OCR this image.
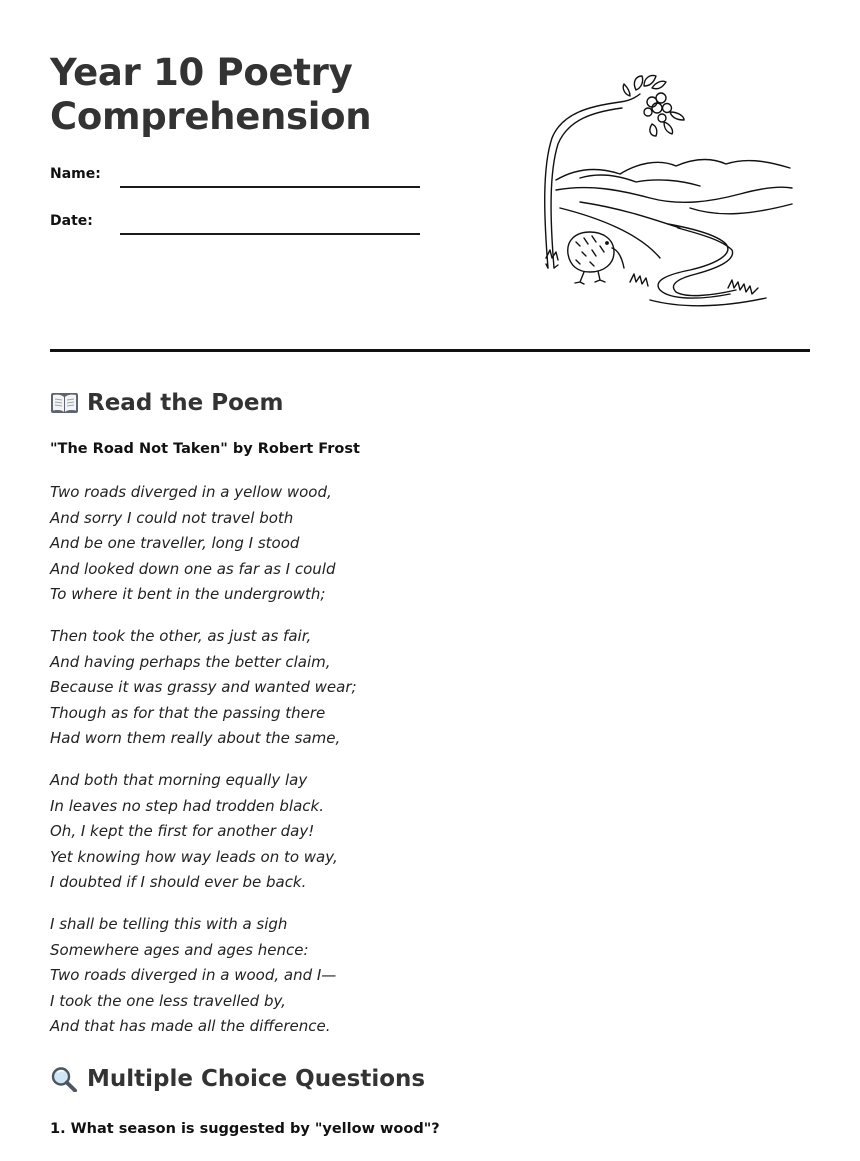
Year 10 Poetry
Comprehension
Name:
Date:
Read the Poem

"The Road Not Taken" by Robert Frost

Two roads diverged in a yellow wood,
And sorry I could not travel both
And be one traveller, long I stood
And looked down one as far as I could
To where it bent in the undergrowth;

Then took the other, as just as fair,
And having perhaps the better claim,
Because it was grassy and wanted wear;
Though as for that the passing there
Had worn them really about the same,

And both that morning equally lay
In leaves no step had trodden black.
Oh, I kept the first for another day!
Yet knowing how way leads on to way,
I doubted if I should ever be back.

I shall be telling this with a sigh
Somewhere ages and ages hence:
Two roads diverged in a wood, and I—
I took the one less travelled by,
And that has made all the difference.

Multiple Choice Questions

1. What season is suggested by "yellow wood"?
